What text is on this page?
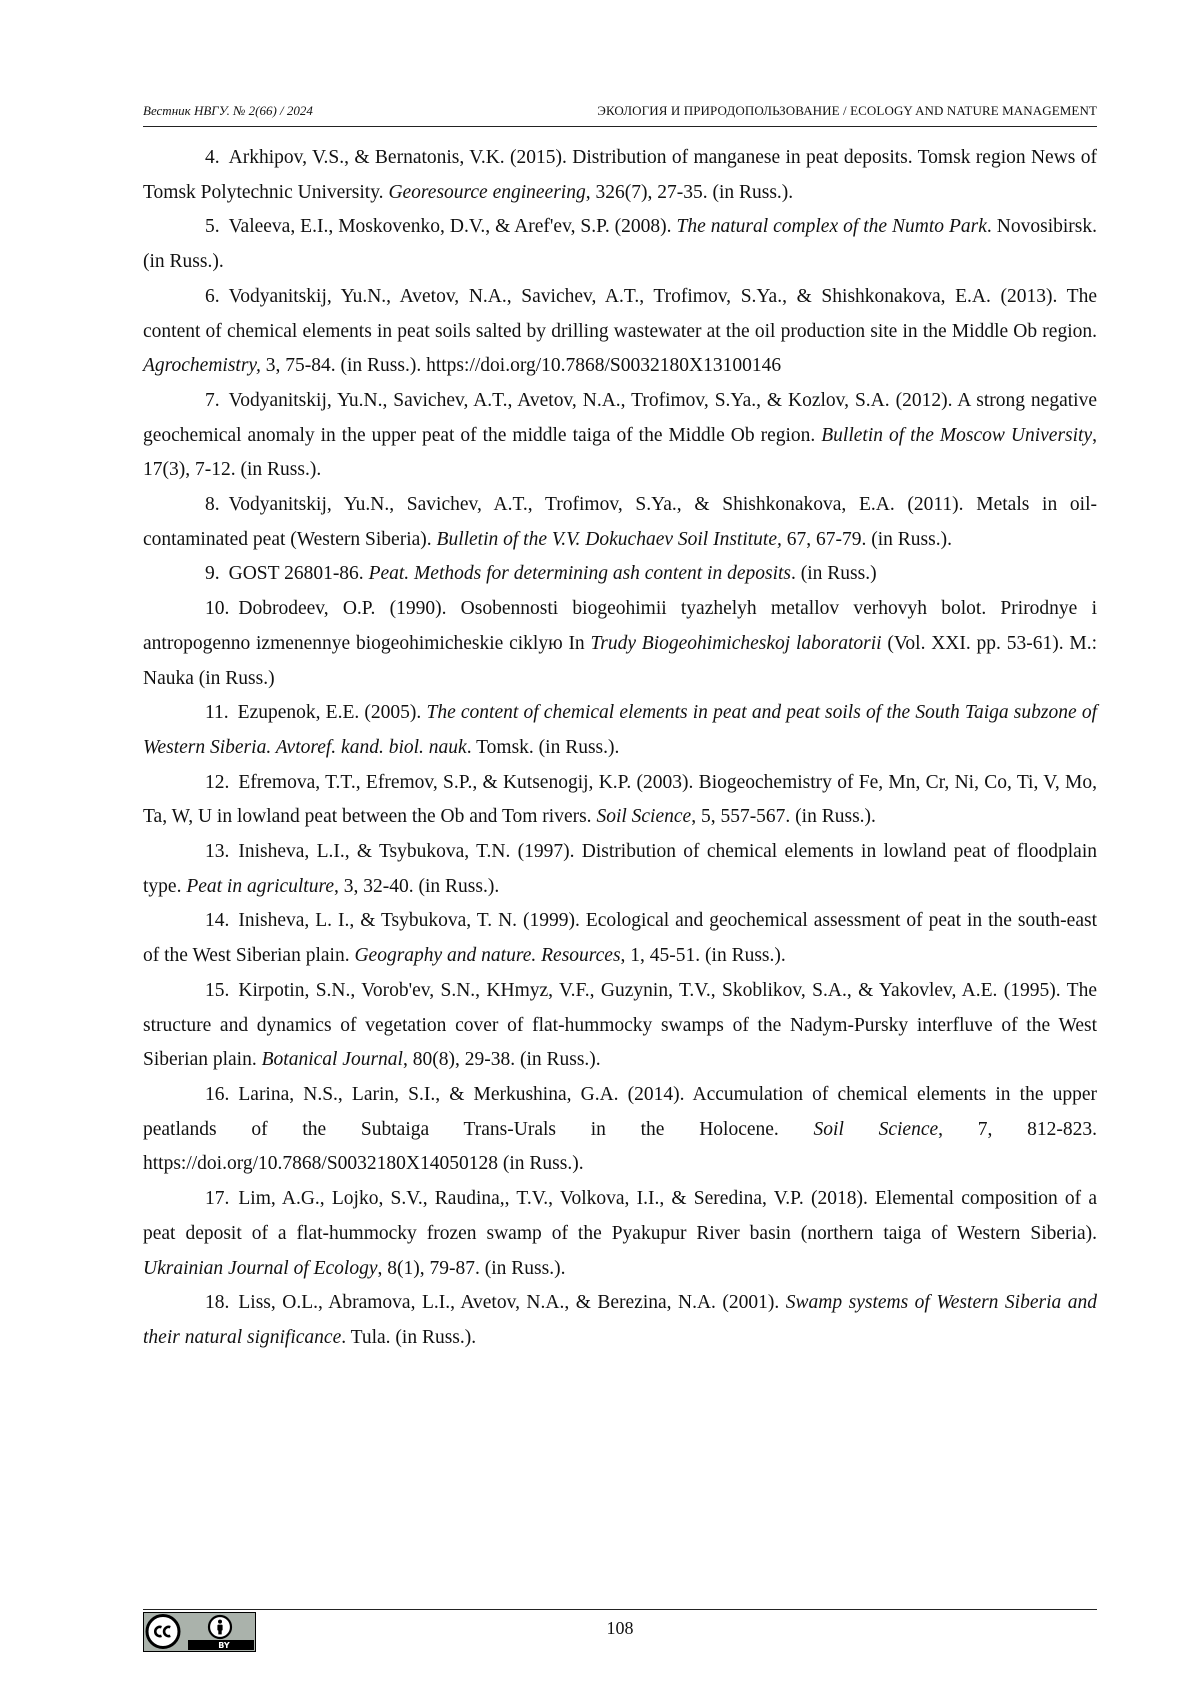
Вестник НВГУ. № 2(66) / 2024	ЭКОЛОГИЯ И ПРИРОДОПОЛЬЗОВАНИЕ / ECOLOGY AND NATURE MANAGEMENT

4. Arkhipov, V.S., & Bernatonis, V.K. (2015). Distribution of manganese in peat deposits. Tomsk region News of Tomsk Polytechnic University. Georesource engineering, 326(7), 27-35. (in Russ.).

5. Valeeva, E.I., Moskovenko, D.V., & Aref'ev, S.P. (2008). The natural complex of the Numto Park. Novosibirsk. (in Russ.).

6. Vodyanitskij, Yu.N., Avetov, N.A., Savichev, A.T., Trofimov, S.Ya., & Shishkonakova, E.A. (2013). The content of chemical elements in peat soils salted by drilling wastewater at the oil production site in the Middle Ob region. Agrochemistry, 3, 75-84. (in Russ.). https://doi.org/10.7868/S0032180X13100146

7. Vodyanitskij, Yu.N., Savichev, A.T., Avetov, N.A., Trofimov, S.Ya., & Kozlov, S.A. (2012). A strong negative geochemical anomaly in the upper peat of the middle taiga of the Middle Ob region. Bulletin of the Moscow University, 17(3), 7-12. (in Russ.).

8. Vodyanitskij, Yu.N., Savichev, A.T., Trofimov, S.Ya., & Shishkonakova, E.A. (2011). Metals in oil-contaminated peat (Western Siberia). Bulletin of the V.V. Dokuchaev Soil Institute, 67, 67-79. (in Russ.).

9. GOST 26801-86. Peat. Methods for determining ash content in deposits. (in Russ.)

10. Dobrodeev, O.P. (1990). Osobennosti biogeohimii tyazhelyh metallov verhovyh bolot. Prirodnye i antropogenno izmenennye biogeohimicheskie ciklyю In Trudy Biogeohimicheskoj laboratorii (Vol. XXI. pp. 53-61). M.: Nauka (in Russ.)

11. Ezupenok, E.E. (2005). The content of chemical elements in peat and peat soils of the South Taiga subzone of Western Siberia. Avtoref. kand. biol. nauk. Tomsk. (in Russ.).

12. Efremova, T.T., Efremov, S.P., & Kutsenogij, K.P. (2003). Biogeochemistry of Fe, Mn, Cr, Ni, Co, Ti, V, Mo, Ta, W, U in lowland peat between the Ob and Tom rivers. Soil Science, 5, 557-567. (in Russ.).

13. Inisheva, L.I., & Tsybukova, T.N. (1997). Distribution of chemical elements in lowland peat of floodplain type. Peat in agriculture, 3, 32-40. (in Russ.).

14. Inisheva, L. I., & Tsybukova, T. N. (1999). Ecological and geochemical assessment of peat in the south-east of the West Siberian plain. Geography and nature. Resources, 1, 45-51. (in Russ.).

15. Kirpotin, S.N., Vorob'ev, S.N., KHmyz, V.F., Guzynin, T.V., Skoblikov, S.A., & Yakovlev, A.E. (1995). The structure and dynamics of vegetation cover of flat-hummocky swamps of the Nadym-Pursky interfluve of the West Siberian plain. Botanical Journal, 80(8), 29-38. (in Russ.).

16. Larina, N.S., Larin, S.I., & Merkushina, G.A. (2014). Accumulation of chemical elements in the upper peatlands of the Subtaiga Trans-Urals in the Holocene. Soil Science, 7, 812-823. https://doi.org/10.7868/S0032180X14050128 (in Russ.).

17. Lim, A.G., Lojko, S.V., Raudina,, T.V., Volkova, I.I., & Seredina, V.P. (2018). Elemental composition of a peat deposit of a flat-hummocky frozen swamp of the Pyakupur River basin (northern taiga of Western Siberia). Ukrainian Journal of Ecology, 8(1), 79-87. (in Russ.).

18. Liss, O.L., Abramova, L.I., Avetov, N.A., & Berezina, N.A. (2001). Swamp systems of Western Siberia and their natural significance. Tula. (in Russ.).

BY
108
